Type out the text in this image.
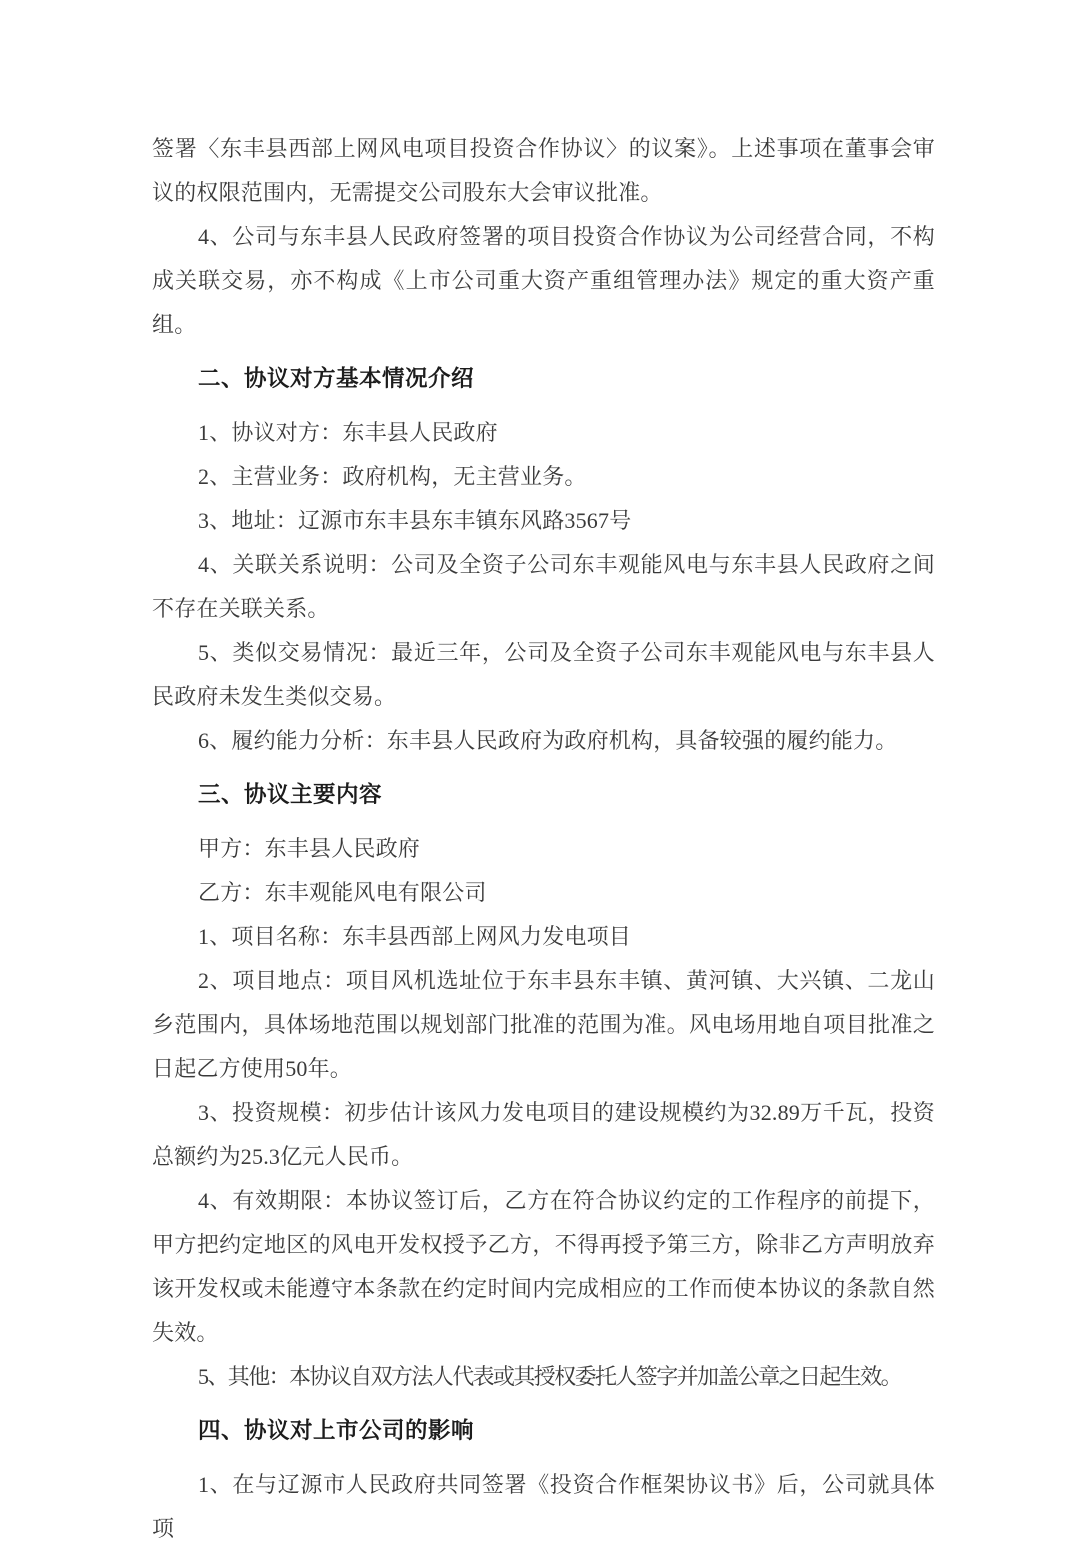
签署〈东丰县西部上网风电项目投资合作协议〉的议案》。上述事项在董事会审议的权限范围内，无需提交公司股东大会审议批准。

4、公司与东丰县人民政府签署的项目投资合作协议为公司经营合同，不构成关联交易，亦不构成《上市公司重大资产重组管理办法》规定的重大资产重组。

二、协议对方基本情况介绍

1、协议对方：东丰县人民政府

2、主营业务：政府机构，无主营业务。

3、地址：辽源市东丰县东丰镇东风路3567号

4、关联关系说明：公司及全资子公司东丰观能风电与东丰县人民政府之间不存在关联关系。

5、类似交易情况：最近三年，公司及全资子公司东丰观能风电与东丰县人民政府未发生类似交易。

6、履约能力分析：东丰县人民政府为政府机构，具备较强的履约能力。

三、协议主要内容

甲方：东丰县人民政府

乙方：东丰观能风电有限公司

1、项目名称：东丰县西部上网风力发电项目

2、项目地点：项目风机选址位于东丰县东丰镇、黄河镇、大兴镇、二龙山乡范围内，具体场地范围以规划部门批准的范围为准。风电场用地自项目批准之日起乙方使用50年。

3、投资规模：初步估计该风力发电项目的建设规模约为32.89万千瓦，投资总额约为25.3亿元人民币。

4、有效期限：本协议签订后，乙方在符合协议约定的工作程序的前提下，甲方把约定地区的风电开发权授予乙方，不得再授予第三方，除非乙方声明放弃该开发权或未能遵守本条款在约定时间内完成相应的工作而使本协议的条款自然失效。

5、其他：本协议自双方法人代表或其授权委托人签字并加盖公章之日起生效。

四、协议对上市公司的影响

1、在与辽源市人民政府共同签署《投资合作框架协议书》后，公司就具体项
